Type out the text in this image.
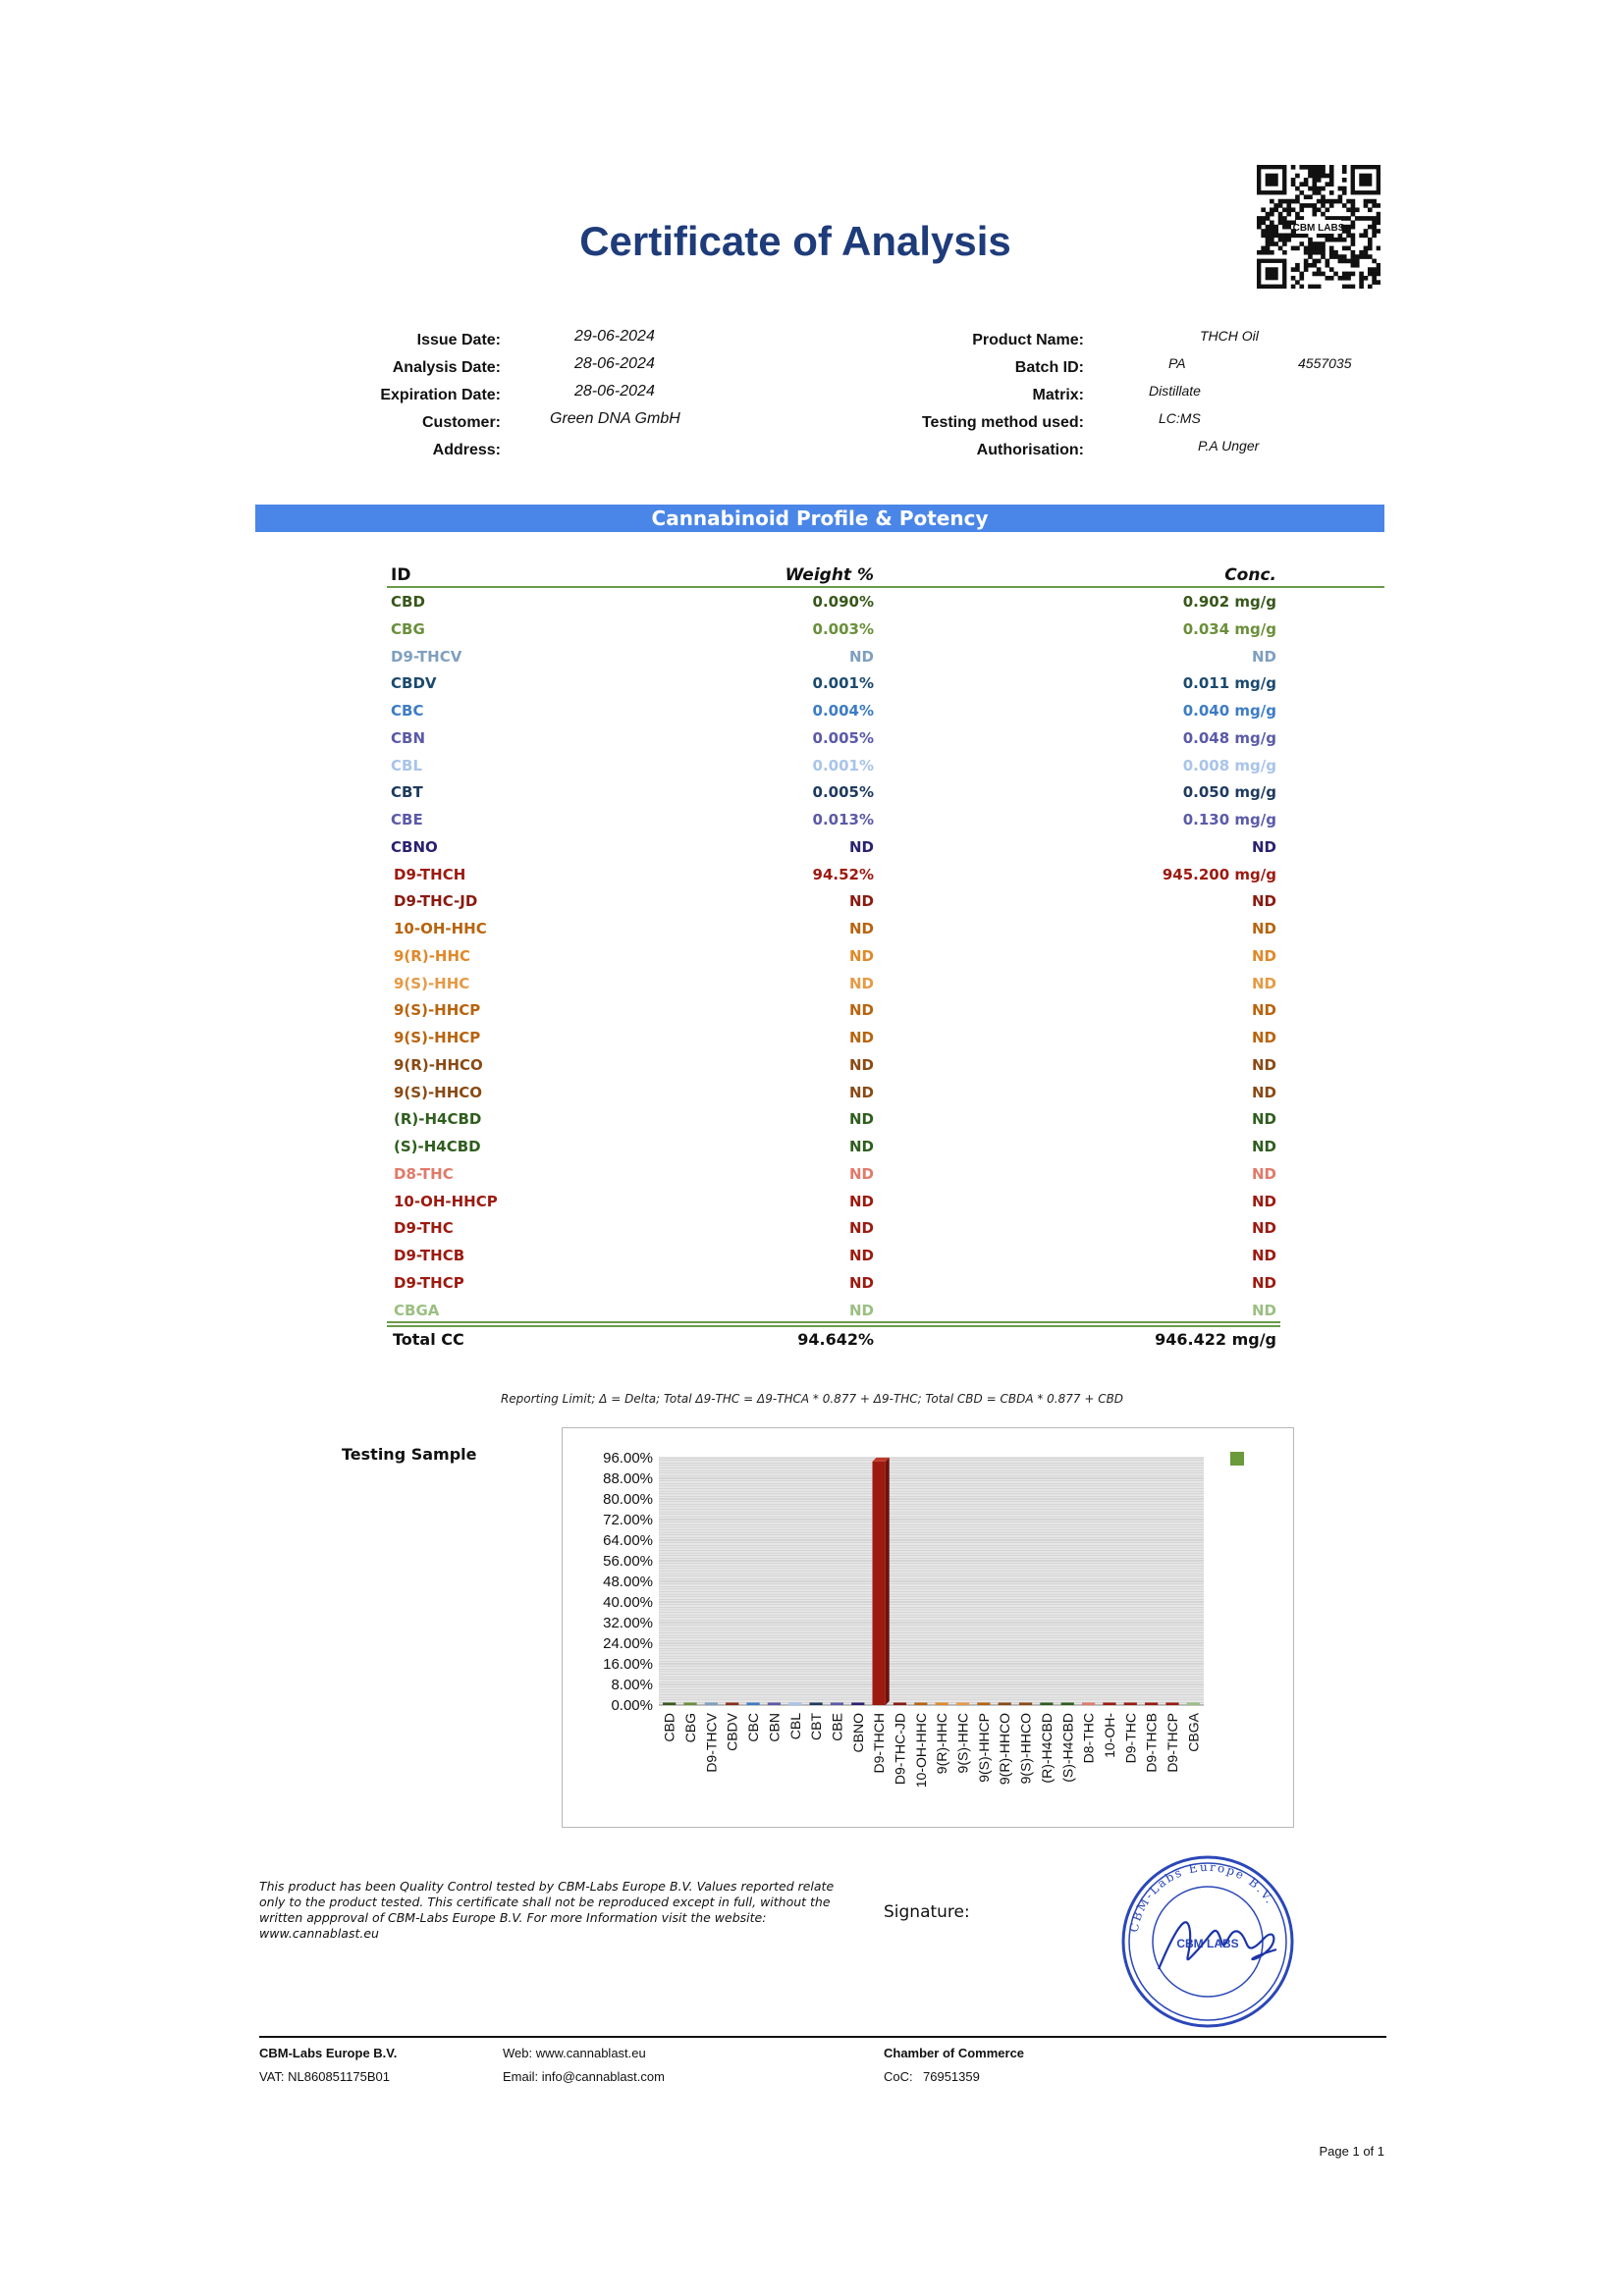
Certificate of Analysis	CBM LABS
Issue Date:	29-06-2024
Analysis Date:	28-06-2024
Expiration Date:	28-06-2024
Customer:	Green DNA GmbH
Address:
Product Name:	THCH Oil
Batch ID:	PA	4557035
Matrix:	Distillate
Testing method used:	LC:MS
Authorisation:	P.A Unger
Cannabinoid Profile & Potency
ID	Weight %	Conc.
CBD	0.090%	0.902 mg/g
CBG	0.003%	0.034 mg/g
D9-THCV	ND	ND
CBDV	0.001%	0.011 mg/g
CBC	0.004%	0.040 mg/g
CBN	0.005%	0.048 mg/g
CBL	0.001%	0.008 mg/g
CBT	0.005%	0.050 mg/g
CBE	0.013%	0.130 mg/g
CBNO	ND	ND
D9-THCH	94.52%	945.200 mg/g
D9-THC-JD	ND	ND
10-OH-HHC	ND	ND
9(R)-HHC	ND	ND
9(S)-HHC	ND	ND
9(S)-HHCP	ND	ND
9(S)-HHCP	ND	ND
9(R)-HHCO	ND	ND
9(S)-HHCO	ND	ND
(R)-H4CBD	ND	ND
(S)-H4CBD	ND	ND
D8-THC	ND	ND
10-OH-HHCP	ND	ND
D9-THC	ND	ND
D9-THCB	ND	ND
D9-THCP	ND	ND
CBGA	ND	ND
Total CC	94.642%	946.422 mg/g
Reporting Limit; Δ = Delta; Total Δ9-THC = Δ9-THCA * 0.877 + Δ9-THC; Total CBD = CBDA * 0.877 + CBD
Testing Sample	96.00%
88.00%
80.00%
72.00%
64.00%
56.00%
48.00%
40.00%
32.00%
24.00%
16.00%
8.00%
0.00%
CBD CBG D9-THCV CBDV CBC CBN CBL CBT CBE CBNO D9-THCH D9-THC-JD 10-OH-HHC 9(R)-HHC 9(S)-HHC 9(S)-HHCP 9(R)-HHCO 9(S)-HHCO (R)-H4CBD (S)-H4CBD D8-THC 10-OH- D9-THC D9-THCB D9-THCP CBGA
This product has been Quality Control tested by CBM-Labs Europe B.V. Values reported relate only to the product tested. This certificate shall not be reproduced except in full, without the written appproval of CBM-Labs Europe B.V. For more Information visit the website: www.cannablast.eu
Signature:
CBM-Labs Europe B.V.
CBM LABS
CBM-Labs Europe B.V.
VAT: NL860851175B01
Web: www.cannablast.eu
Email: info@cannablast.com
Chamber of Commerce
CoC: 76951359
Page 1 of 1
